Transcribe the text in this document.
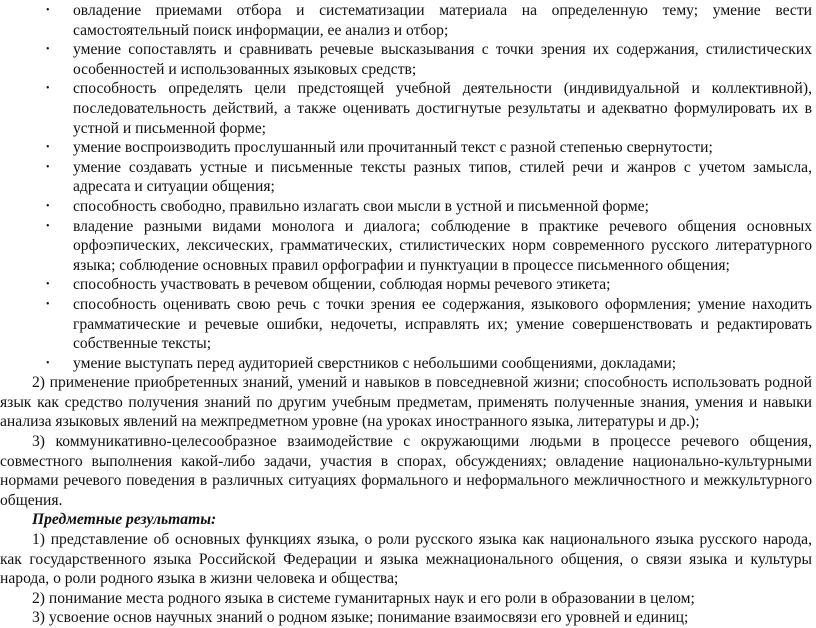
• овладение приемами отбора и систематизации материала на определенную тему; умение вести самостоятельный поиск информации, ее анализ и отбор;
• умение сопоставлять и сравнивать речевые высказывания с точки зрения их содержания, стилистических особенностей и использованных языковых средств;
• способность определять цели предстоящей учебной деятельности (индивидуальной и коллективной), последовательность действий, а также оценивать достигнутые результаты и адекватно формулировать их в устной и письменной форме;
• умение воспроизводить прослушанный или прочитанный текст с разной степенью свернутости;
• умение создавать устные и письменные тексты разных типов, стилей речи и жанров с учетом замысла, адресата и ситуации общения;
• способность свободно, правильно излагать свои мысли в устной и письменной форме;
• владение разными видами монолога и диалога; соблюдение в практике речевого общения основных орфоэпических, лексических, грамматических, стилистических норм современного русского литературного языка; соблюдение основных правил орфографии и пунктуации в процессе письменного общения;
• способность участвовать в речевом общении, соблюдая нормы речевого этикета;
• способность оценивать свою речь с точки зрения ее содержания, языкового оформления; умение находить грамматические и речевые ошибки, недочеты, исправлять их; умение совершенствовать и редактировать собственные тексты;
• умение выступать перед аудиторией сверстников с небольшими сообщениями, докладами;

2) применение приобретенных знаний, умений и навыков в повседневной жизни; способность использовать родной язык как средство получения знаний по другим учебным предметам, применять полученные знания, умения и навыки анализа языковых явлений на межпредметном уровне (на уроках иностранного языка, литературы и др.);

3) коммуникативно-целесообразное взаимодействие с окружающими людьми в процессе речевого общения, совместного выполнения какой-либо задачи, участия в спорах, обсуждениях; овладение национально-культурными нормами речевого поведения в различных ситуациях формального и неформального межличностного и межкультурного общения.

Предметные результаты:

1) представление об основных функциях языка, о роли русского языка как национального языка русского народа, как государственного языка Российской Федерации и языка межнационального общения, о связи языка и культуры народа, о роли родного языка в жизни человека и общества;

2) понимание места родного языка в системе гуманитарных наук и его роли в образовании в целом;

3) усвоение основ научных знаний о родном языке; понимание взаимосвязи его уровней и единиц;
